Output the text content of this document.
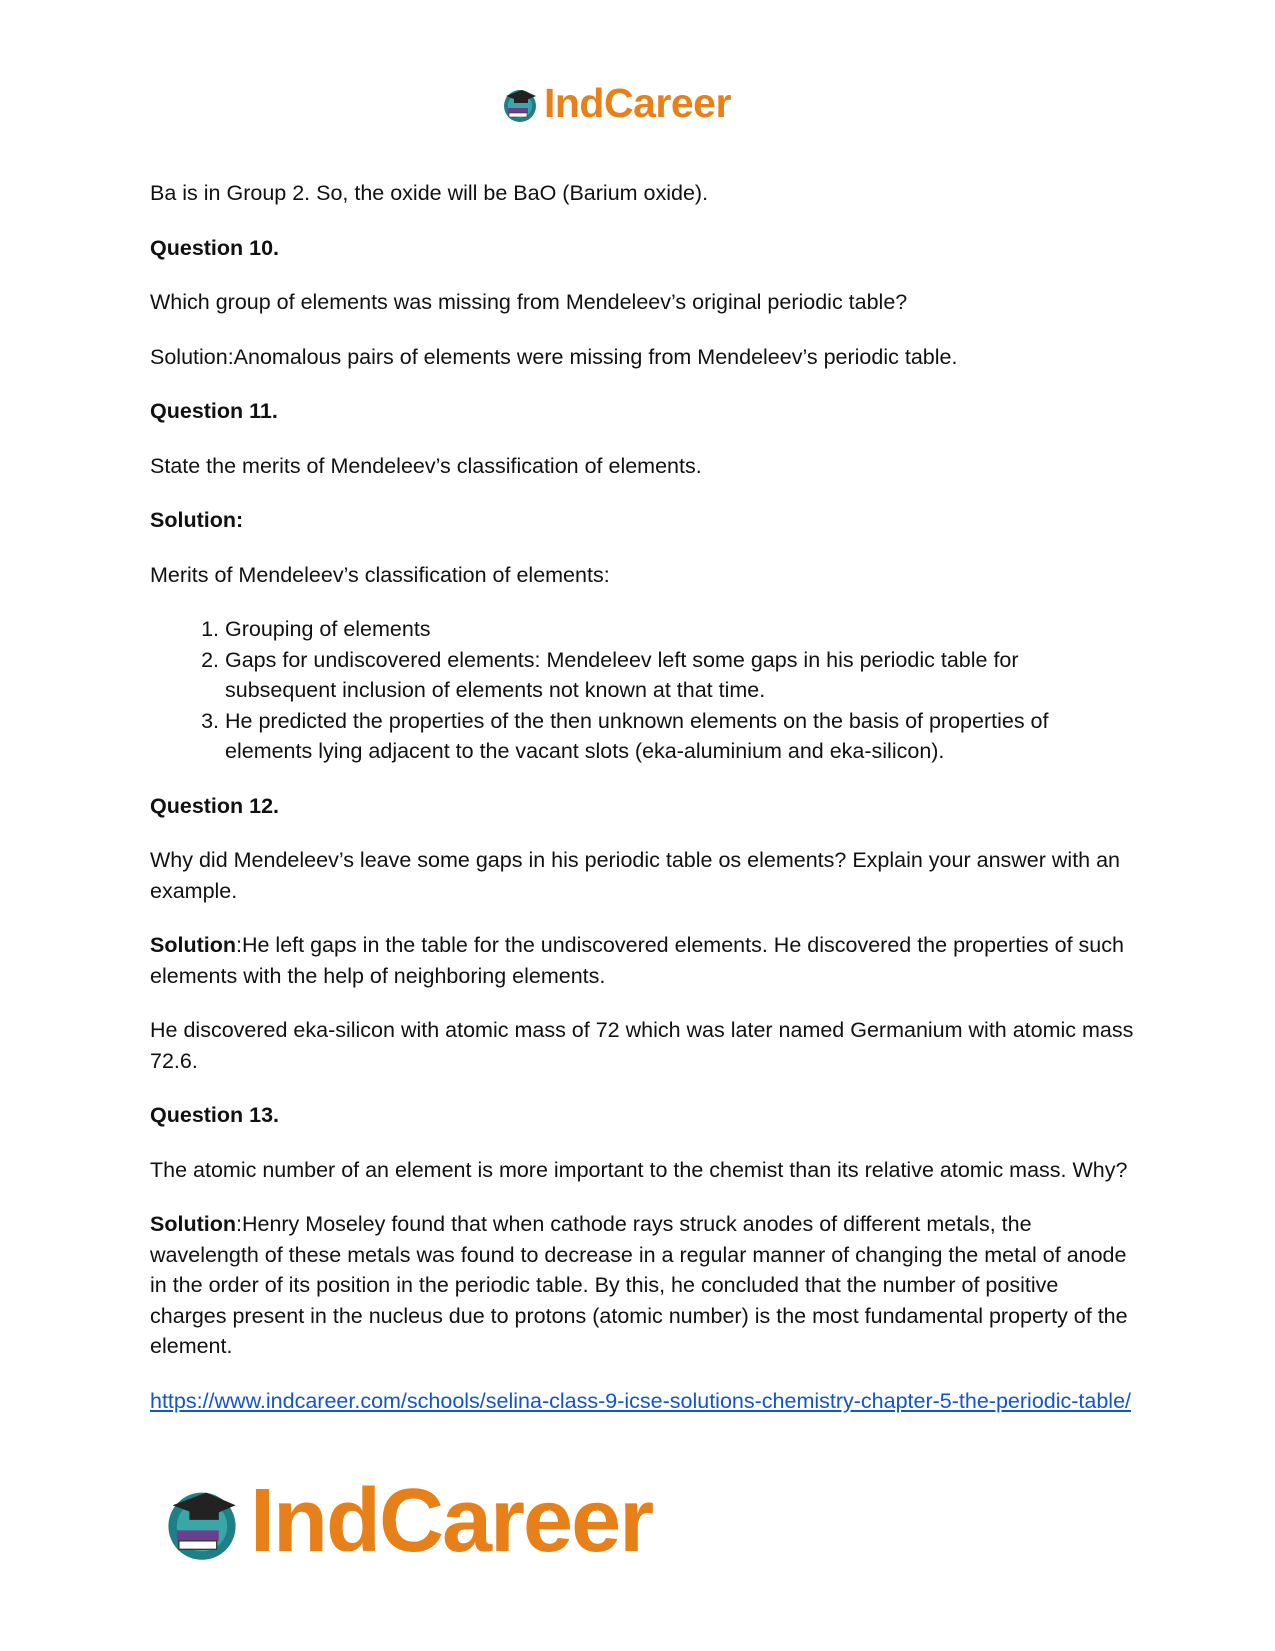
IndCareer

Ba is in Group 2. So, the oxide will be BaO (Barium oxide).

Question 10.

Which group of elements was missing from Mendeleev’s original periodic table?

Solution:Anomalous pairs of elements were missing from Mendeleev’s periodic table.

Question 11.

State the merits of Mendeleev’s classification of elements.

Solution:

Merits of Mendeleev’s classification of elements:

1. Grouping of elements
2. Gaps for undiscovered elements: Mendeleev left some gaps in his periodic table for subsequent inclusion of elements not known at that time.
3. He predicted the properties of the then unknown elements on the basis of properties of elements lying adjacent to the vacant slots (eka-aluminium and eka-silicon).

Question 12.

Why did Mendeleev’s leave some gaps in his periodic table os elements? Explain your answer with an example.

Solution:He left gaps in the table for the undiscovered elements. He discovered the properties of such elements with the help of neighboring elements.

He discovered eka-silicon with atomic mass of 72 which was later named Germanium with atomic mass 72.6.

Question 13.

The atomic number of an element is more important to the chemist than its relative atomic mass. Why?

Solution:Henry Moseley found that when cathode rays struck anodes of different metals, the wavelength of these metals was found to decrease in a regular manner of changing the metal of anode in the order of its position in the periodic table. By this, he concluded that the number of positive charges present in the nucleus due to protons (atomic number) is the most fundamental property of the element.

https://www.indcareer.com/schools/selina-class-9-icse-solutions-chemistry-chapter-5-the-periodic-table/

IndCareer
